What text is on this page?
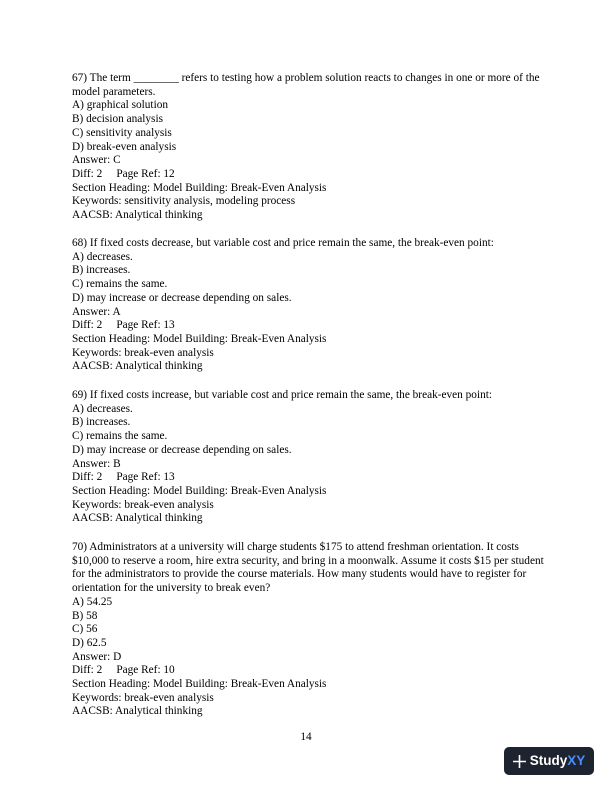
67) The term ________ refers to testing how a problem solution reacts to changes in one or more of the model parameters.
A) graphical solution
B) decision analysis
C) sensitivity analysis
D) break-even analysis
Answer: C
Diff: 2     Page Ref: 12
Section Heading: Model Building: Break-Even Analysis
Keywords: sensitivity analysis, modeling process
AACSB: Analytical thinking
68) If fixed costs decrease, but variable cost and price remain the same, the break-even point:
A) decreases.
B) increases.
C) remains the same.
D) may increase or decrease depending on sales.
Answer: A
Diff: 2     Page Ref: 13
Section Heading: Model Building: Break-Even Analysis
Keywords: break-even analysis
AACSB: Analytical thinking
69) If fixed costs increase, but variable cost and price remain the same, the break-even point:
A) decreases.
B) increases.
C) remains the same.
D) may increase or decrease depending on sales.
Answer: B
Diff: 2     Page Ref: 13
Section Heading: Model Building: Break-Even Analysis
Keywords: break-even analysis
AACSB: Analytical thinking
70) Administrators at a university will charge students $175 to attend freshman orientation. It costs $10,000 to reserve a room, hire extra security, and bring in a moonwalk. Assume it costs $15 per student for the administrators to provide the course materials. How many students would have to register for orientation for the university to break even?
A) 54.25
B) 58
C) 56
D) 62.5
Answer: D
Diff: 2     Page Ref: 10
Section Heading: Model Building: Break-Even Analysis
Keywords: break-even analysis
AACSB: Analytical thinking
14
StudyXY
